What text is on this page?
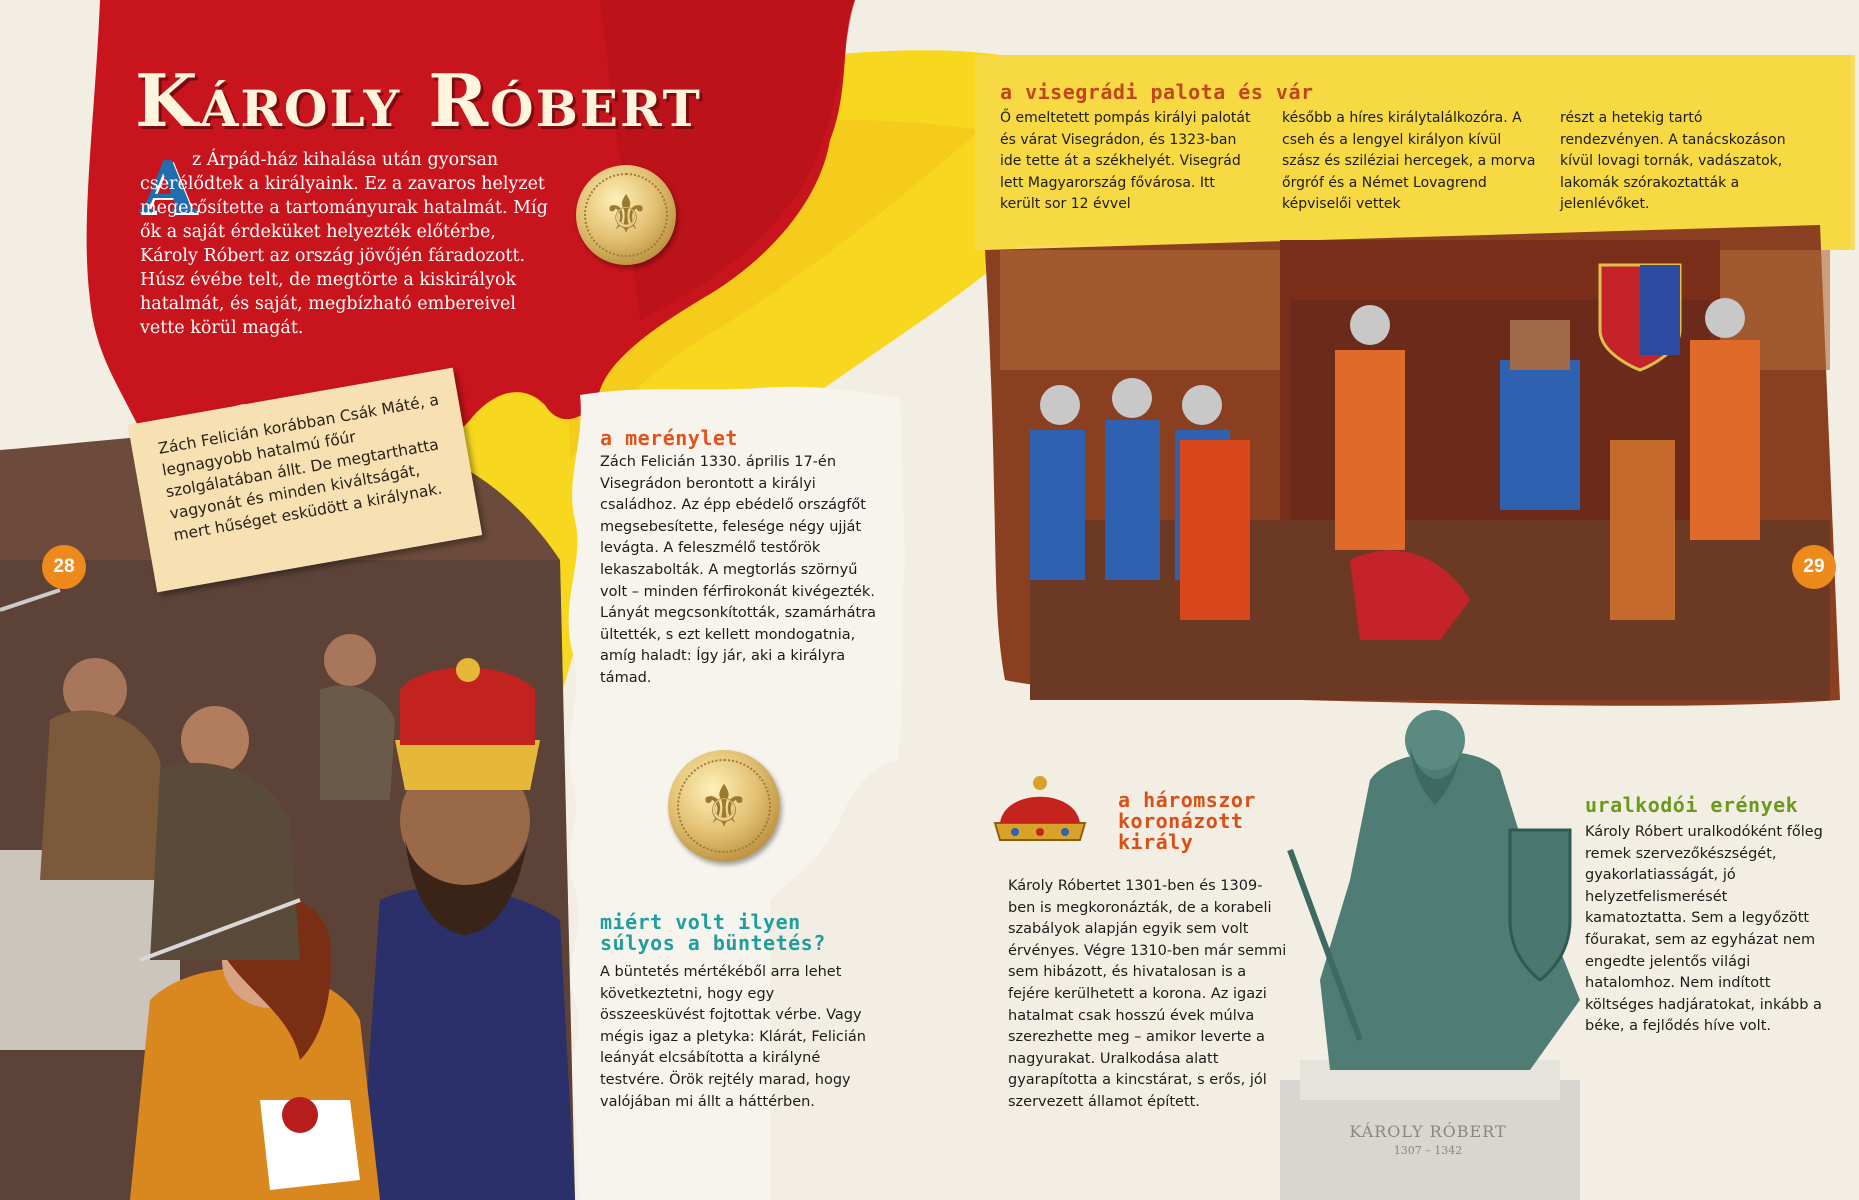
Károly Róbert
A

z Árpád-ház kihalása után gyorsan cserélődtek a királyaink. Ez a zavaros helyzet megerősítette a tartományurak hatalmát. Míg ők a saját érdeküket helyezték előtérbe, Károly Róbert az ország jövőjén fáradozott. Húsz évébe telt, de megtörte a kiskirályok hatalmát, és saját, megbízható embereivel vette körül magát.

⚜
⚜
Zách Felicián korábban Csák Máté, a legnagyobb hatalmú főúr szolgálatában állt. De megtarthatta vagyonát és minden kiváltságát, mert hűséget esküdött a királynak.
28	29
a merénylet
Zách Felicián 1330. április 17-én Visegrádon berontott a királyi családhoz. Az épp ebédelő országfőt megsebesítette, felesége négy ujját levágta. A feleszmélő testőrök lekaszabolták. A megtorlás szörnyű volt – minden férfirokonát kivégezték. Lányát megcsonkították, szamárhátra ültették, s ezt kellett mondogatnia, amíg haladt: Így jár, aki a királyra támad.
miért volt ilyen súlyos a büntetés?
A büntetés mértékéből arra lehet következtetni, hogy egy összeesküvést fojtottak vérbe. Vagy mégis igaz a pletyka: Klárát, Felicián leányát elcsábította a királyné testvére. Örök rejtély marad, hogy valójában mi állt a háttérben.
a visegrádi palota és vár
Ő emeltetett pompás királyi palotát és várat Visegrádon, és 1323-ban ide tette át a székhelyét. Visegrád lett Magyarország fővárosa. Itt került sor 12 évvel
később a híres királytalálkozóra. A cseh és a lengyel királyon kívül szász és sziléziai hercegek, a morva őrgróf és a Német Lovagrend képviselői vettek
részt a hetekig tartó rendezvényen. A tanácskozáson kívül lovagi tornák, vadászatok, lakomák szórakoztatták a jelenlévőket.
a háromszor koronázott király
Károly Róbertet 1301-ben és 1309-ben is megkoronázták, de a korabeli szabályok alapján egyik sem volt érvényes. Végre 1310-ben már semmi sem hibázott, és hivatalosan is a fejére kerülhetett a korona. Az igazi hatalmat csak hosszú évek múlva szerezhette meg – amikor leverte a nagyurakat. Uralkodása alatt gyarapította a kincstárat, s erős, jól szervezett államot épített.
uralkodói erények
Károly Róbert uralkodóként főleg remek szervezőkészségét, gyakorlatiasságát, jó helyzetfelismerését kamatoztatta. Sem a legyőzött főurakat, sem az egyházat nem engedte jelentős világi hatalomhoz. Nem indított költséges hadjáratokat, inkább a béke, a fejlődés híve volt.
KÁROLY RÓBERT
1307 – 1342
